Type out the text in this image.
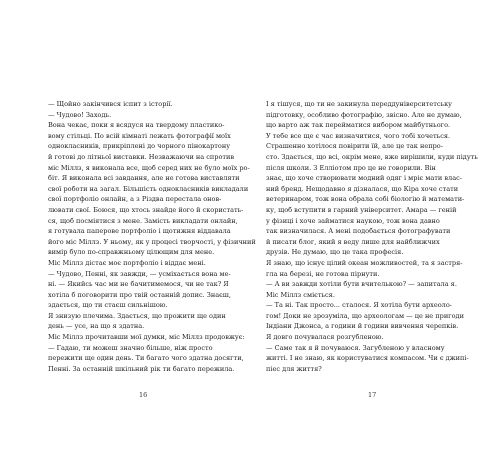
— Щойно закінчився іспит з історії.

— Чудово! Заходь.

Вона чекає, поки я всядуся на твердому пластико-

вому стільці. По всій кімнаті лежать фотографії моїх

однокласників, прикріплені до чорного пінокартону

й готові до літньої виставки. Незважаючи на спротив

міс Міллз, я виконала все, щоб серед них не було моїх ро-

біт. Я виконала всі завдання, але не готова виставляти

свої роботи на загал. Більшість однокласників викладали

свої портфоліо онлайн, а з Різдва перестала онов-

лювати свої. Боюся, що хтось знайде його й скористать-

ся, щоб посміятися з мене. Замість викладати онлайн,

я готувала паперове портфоліо і щотижня віддавала

його міс Міллз. У ньому, як у процесі творчості, у фізичний

вимір було по-справжньому цілющим для мене.

Міс Міллз дістає моє портфоліо і віддає мені.

— Чудово, Пенні, як завжди, — усміхається вона ме-

ні. — Якийсь час ми не бачитимемося, чи не так? Я

хотіла б поговорити про твій останній допис. Знаєш,

здається, що ти стаєш сильнішою.

Я знизую плечима. Здається, що прожити ще один

день — усе, на що я здатна.

Міс Міллз прочитавши мої думки, міс Міллз продовжує:

— Гадаю, ти можеш значно більше, ніж просто

пережити ще один день. Ти багато чого здатна досягти,

Пенні. За останній шкільний рік ти багато пережила.

16

І я тішуся, що ти не закинула переддуніверситетську

підготовку, особливо фотографію, звісно. Але не думаю,

що варто аж так перейматися вибором майбутнього.

У тебе все ще є час визначитися, чого тобі хочеться.

Страшенно хотілося повірити їй, але це так непро-

сто. Здається, що всі, окрім мене, вже вирішили, куди підуть

після школи. З Елліотом про це не говорили. Він

знає, що хоче створювати модний одяг і мріє мати влас-

ний бренд. Нещодавно я дізналася, що Кіра хоче стати

ветеринаром, тож вона обрала собі біологію й математи-

ку, щоб вступити в гарний університет. Амара — генiй

у фізиці і хоче займатися наукою, тож вона давно

так визначилася. А мені подобається фотографувати

й писати блог, який я веду лише для найближчих

друзів. Не думаю, що це така професія.

Я знаю, що існує цілий океан можливостей, та я застря-

гла на березі, не готова пірнути.

— А ви завжди хотіли бути вчителькою? — запитала я.

Міс Міллз сміється.

— Та ні. Так просто... сталося. Я хотіла бути археоло-

гом! Доки не зрозуміла, що археологам — це не пригоди

Індіани Джонса, а години й години вивчення черепків.

Я довго почувалася розгубленою.

— Саме так я й почуваюся. Загубленою у власному

житті. І не знаю, як користуватися компасом. Чи є джипі-

піес для життя?

17
